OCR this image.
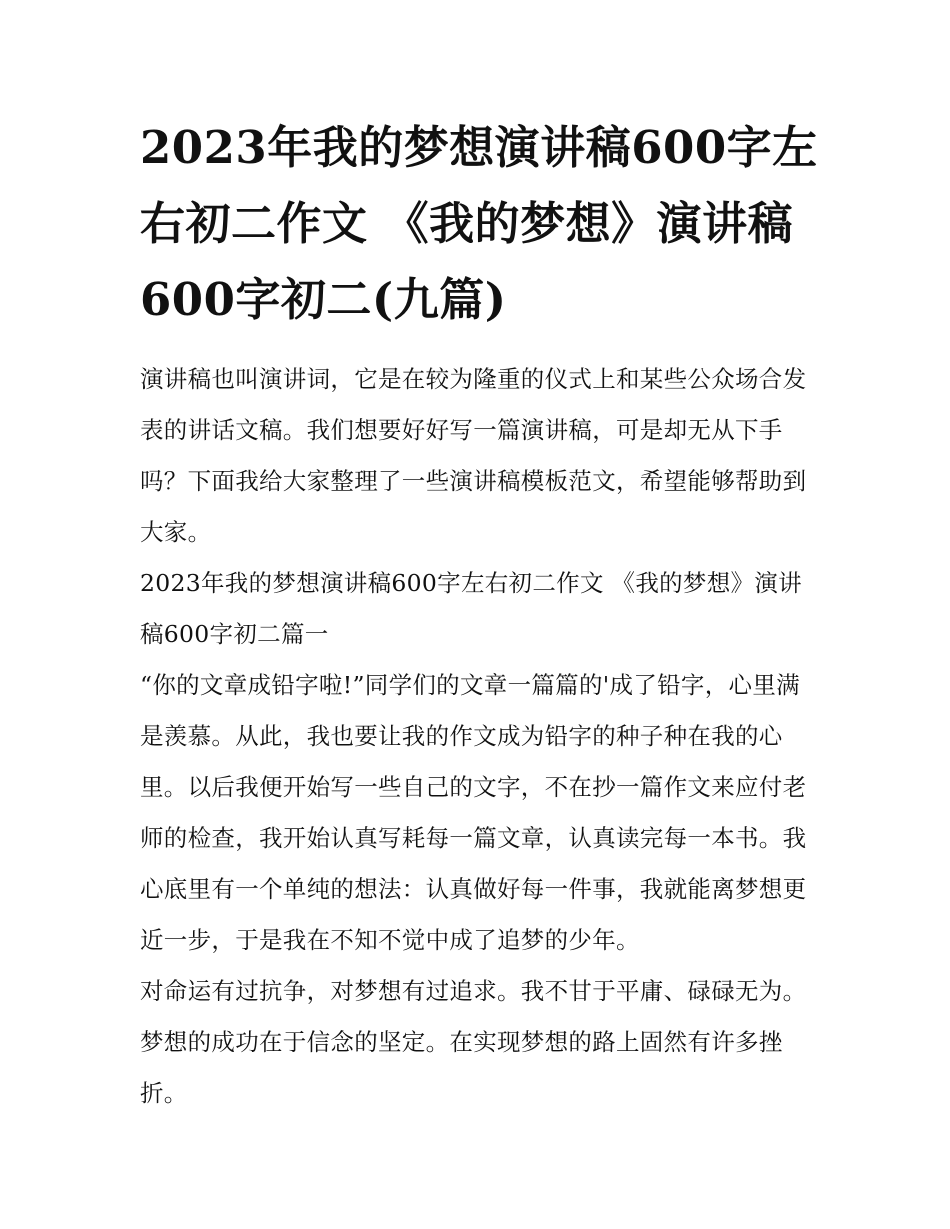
2023年我的梦想演讲稿600字左右初二作文 《我的梦想》演讲稿600字初二(九篇)

演讲稿也叫演讲词，它是在较为隆重的仪式上和某些公众场合发表的讲话文稿。我们想要好好写一篇演讲稿，可是却无从下手吗？下面我给大家整理了一些演讲稿模板范文，希望能够帮助到大家。

2023年我的梦想演讲稿600字左右初二作文 《我的梦想》演讲稿600字初二篇一

“你的文章成铅字啦!”同学们的文章一篇篇的'成了铅字，心里满是羡慕。从此，我也要让我的作文成为铅字的种子种在我的心里。以后我便开始写一些自己的文字，不在抄一篇作文来应付老师的检查，我开始认真写耗每一篇文章，认真读完每一本书。我心底里有一个单纯的想法：认真做好每一件事，我就能离梦想更近一步，于是我在不知不觉中成了追梦的少年。

对命运有过抗争，对梦想有过追求。我不甘于平庸、碌碌无为。梦想的成功在于信念的坚定。在实现梦想的路上固然有许多挫折。
